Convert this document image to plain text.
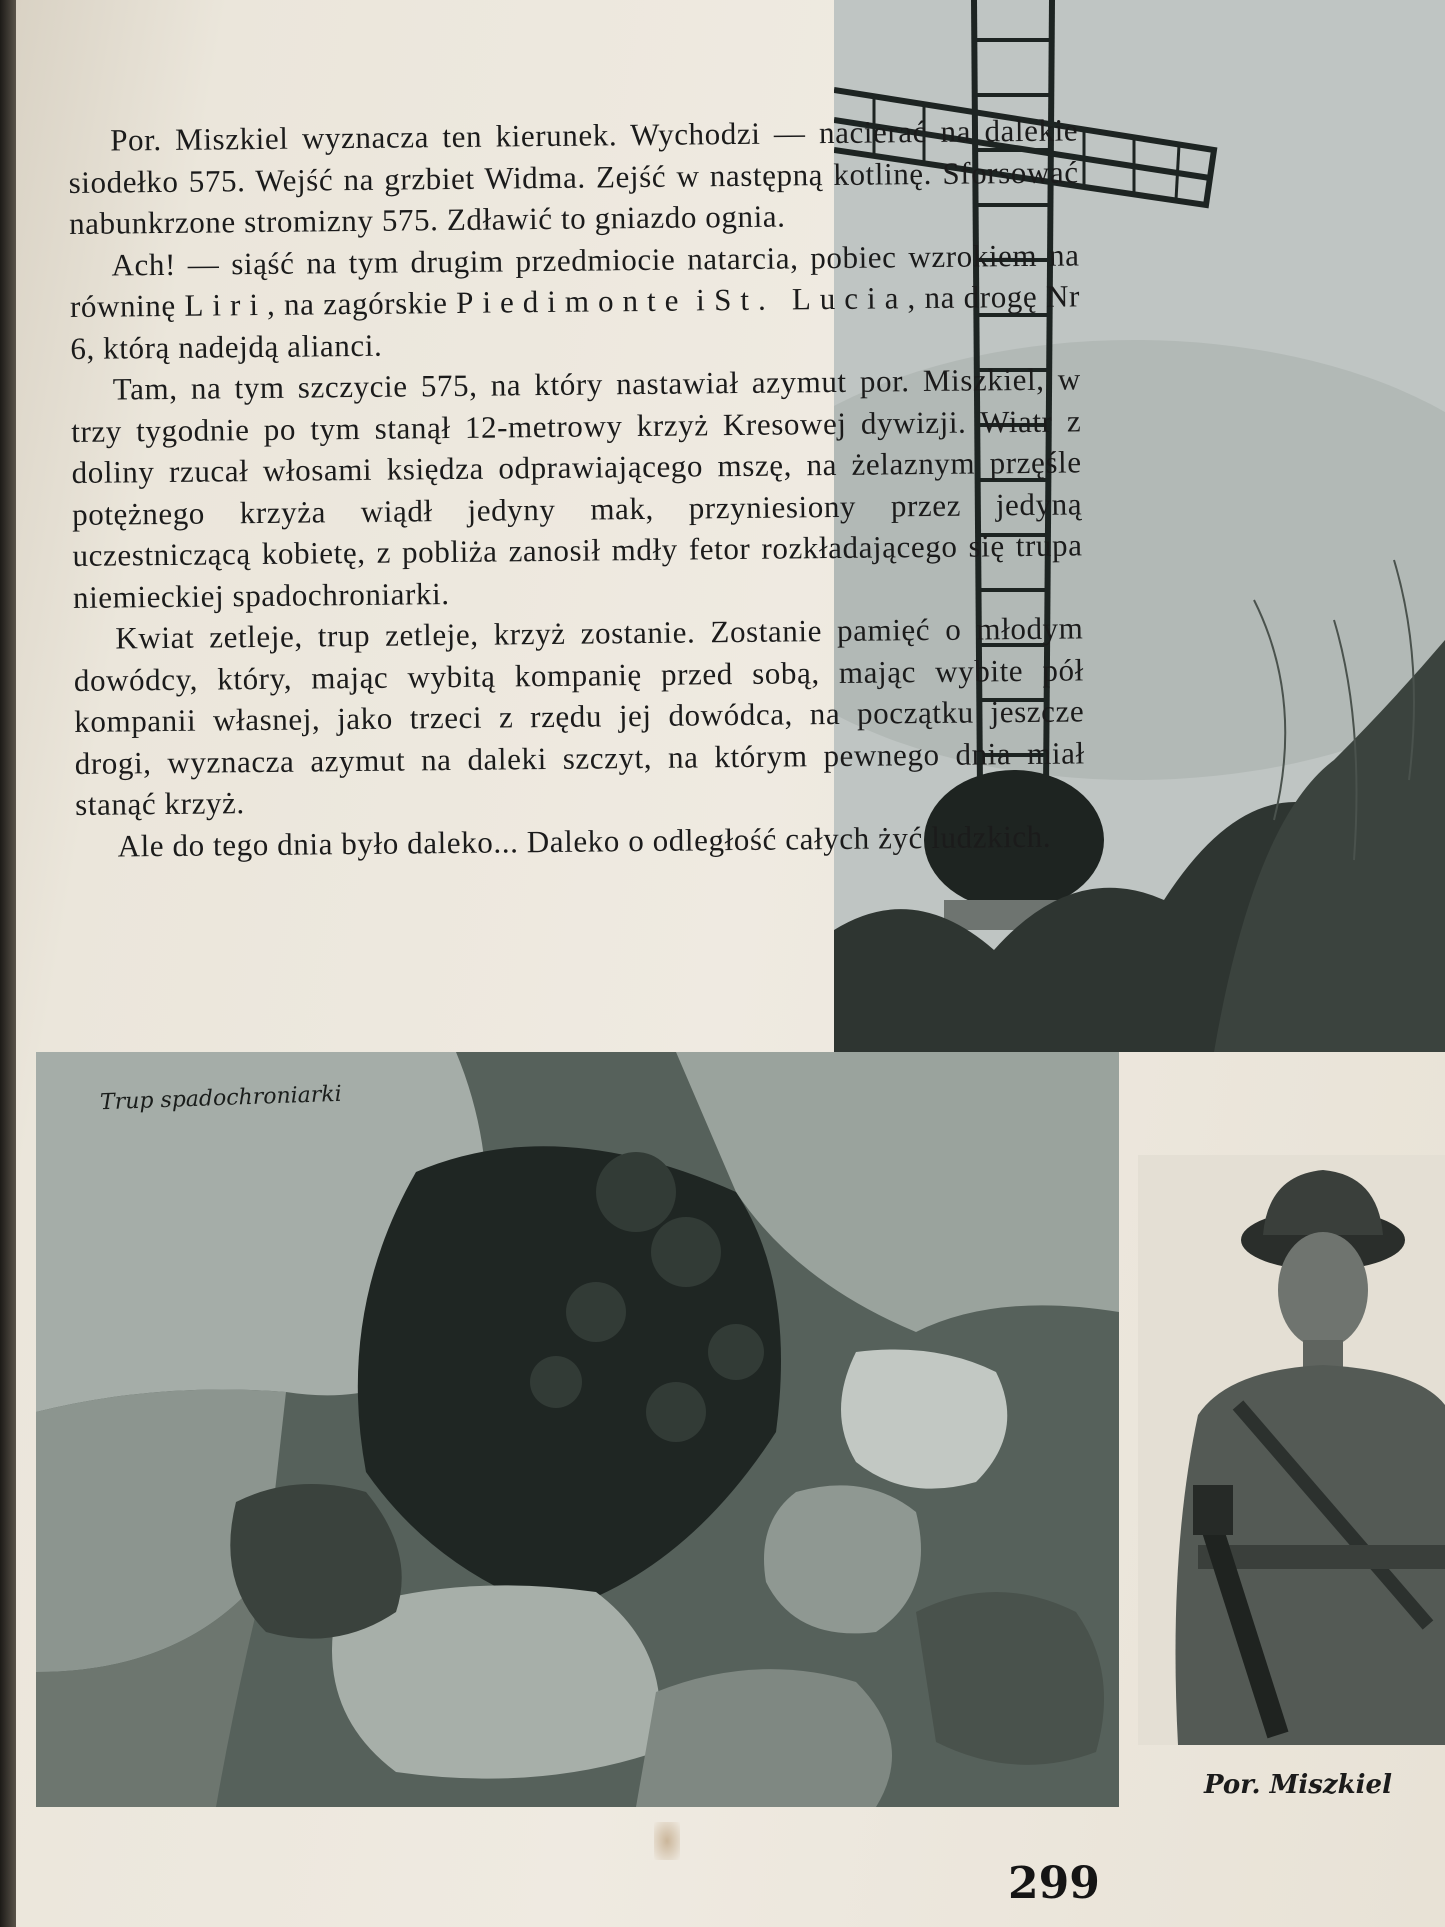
Por. Miszkiel wyznacza ten kierunek. Wychodzi — nacierać na dalekie siodełko 575. Wejść na grzbiet Widma. Zejść w następną kotlinę. Sforsować nabunkrzone stromizny 575. Zdławić to gniazdo ognia.

Ach! — siąść na tym drugim przedmiocie natarcia, pobiec wzrokiem na równinę Liri, na zagórskie Piedimonte i St. Lucia, na drogę Nr 6, którą nadejdą alianci.

Tam, na tym szczycie 575, na który nastawiał azymut por. Miszkiel, w trzy tygodnie po tym stanął 12-metrowy krzyż Kresowej dywizji. Wiatr z doliny rzucał włosami księdza odprawiającego mszę, na żelaznym przęśle potężnego krzyża wiądł jedyny mak, przyniesiony przez jedyną uczestniczącą kobietę, z pobliża zanosił mdły fetor rozkładającego się trupa niemieckiej spadochroniarki.

Kwiat zetleje, trup zetleje, krzyż zostanie. Zostanie pamięć o młodym dowódcy, który, mając wybitą kompanię przed sobą, mając wybite pół kompanii własnej, jako trzeci z rzędu jej dowódca, na początku jeszcze drogi, wyznacza azymut na daleki szczyt, na którym pewnego dnia miał stanąć krzyż.

Ale do tego dnia było daleko... Daleko o odległość całych żyć ludzkich.

Trup spadochroniarki
Por. Miszkiel
299
